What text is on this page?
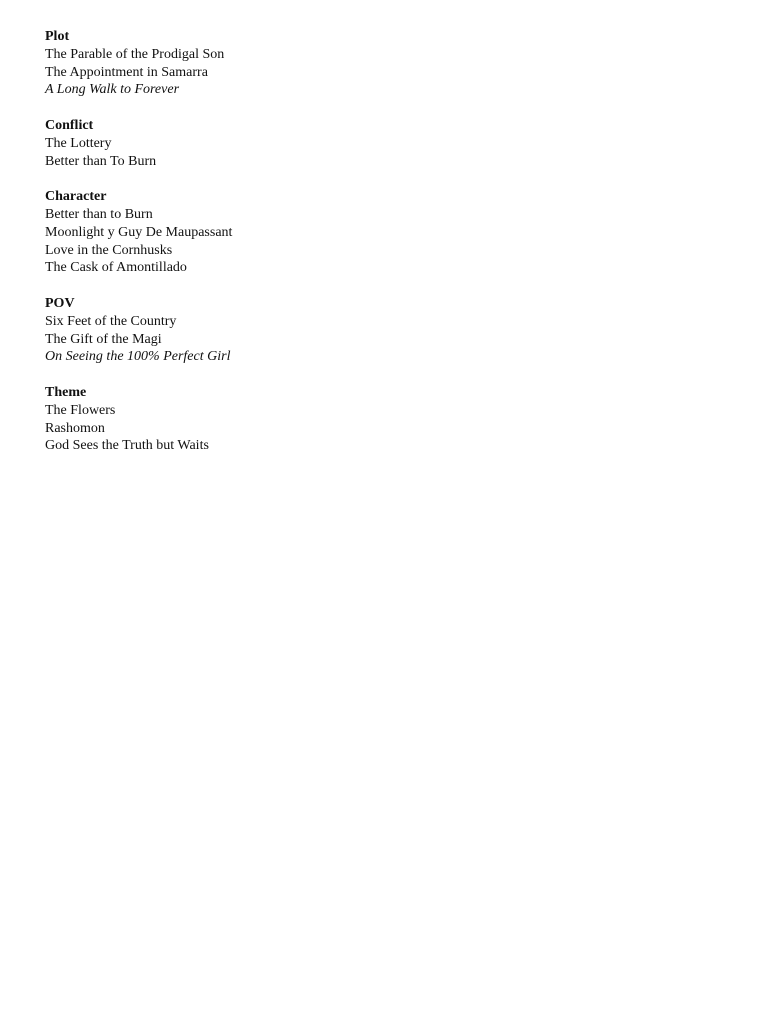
Plot
The Parable of the Prodigal Son
The Appointment in Samarra
A Long Walk to Forever
Conflict
The Lottery
Better than To Burn
Character
Better than to Burn
Moonlight y Guy De Maupassant
Love in the Cornhusks
The Cask of Amontillado
POV
Six Feet of the Country
The Gift of the Magi
On Seeing the 100% Perfect Girl
Theme
The Flowers
Rashomon
God Sees the Truth but Waits
